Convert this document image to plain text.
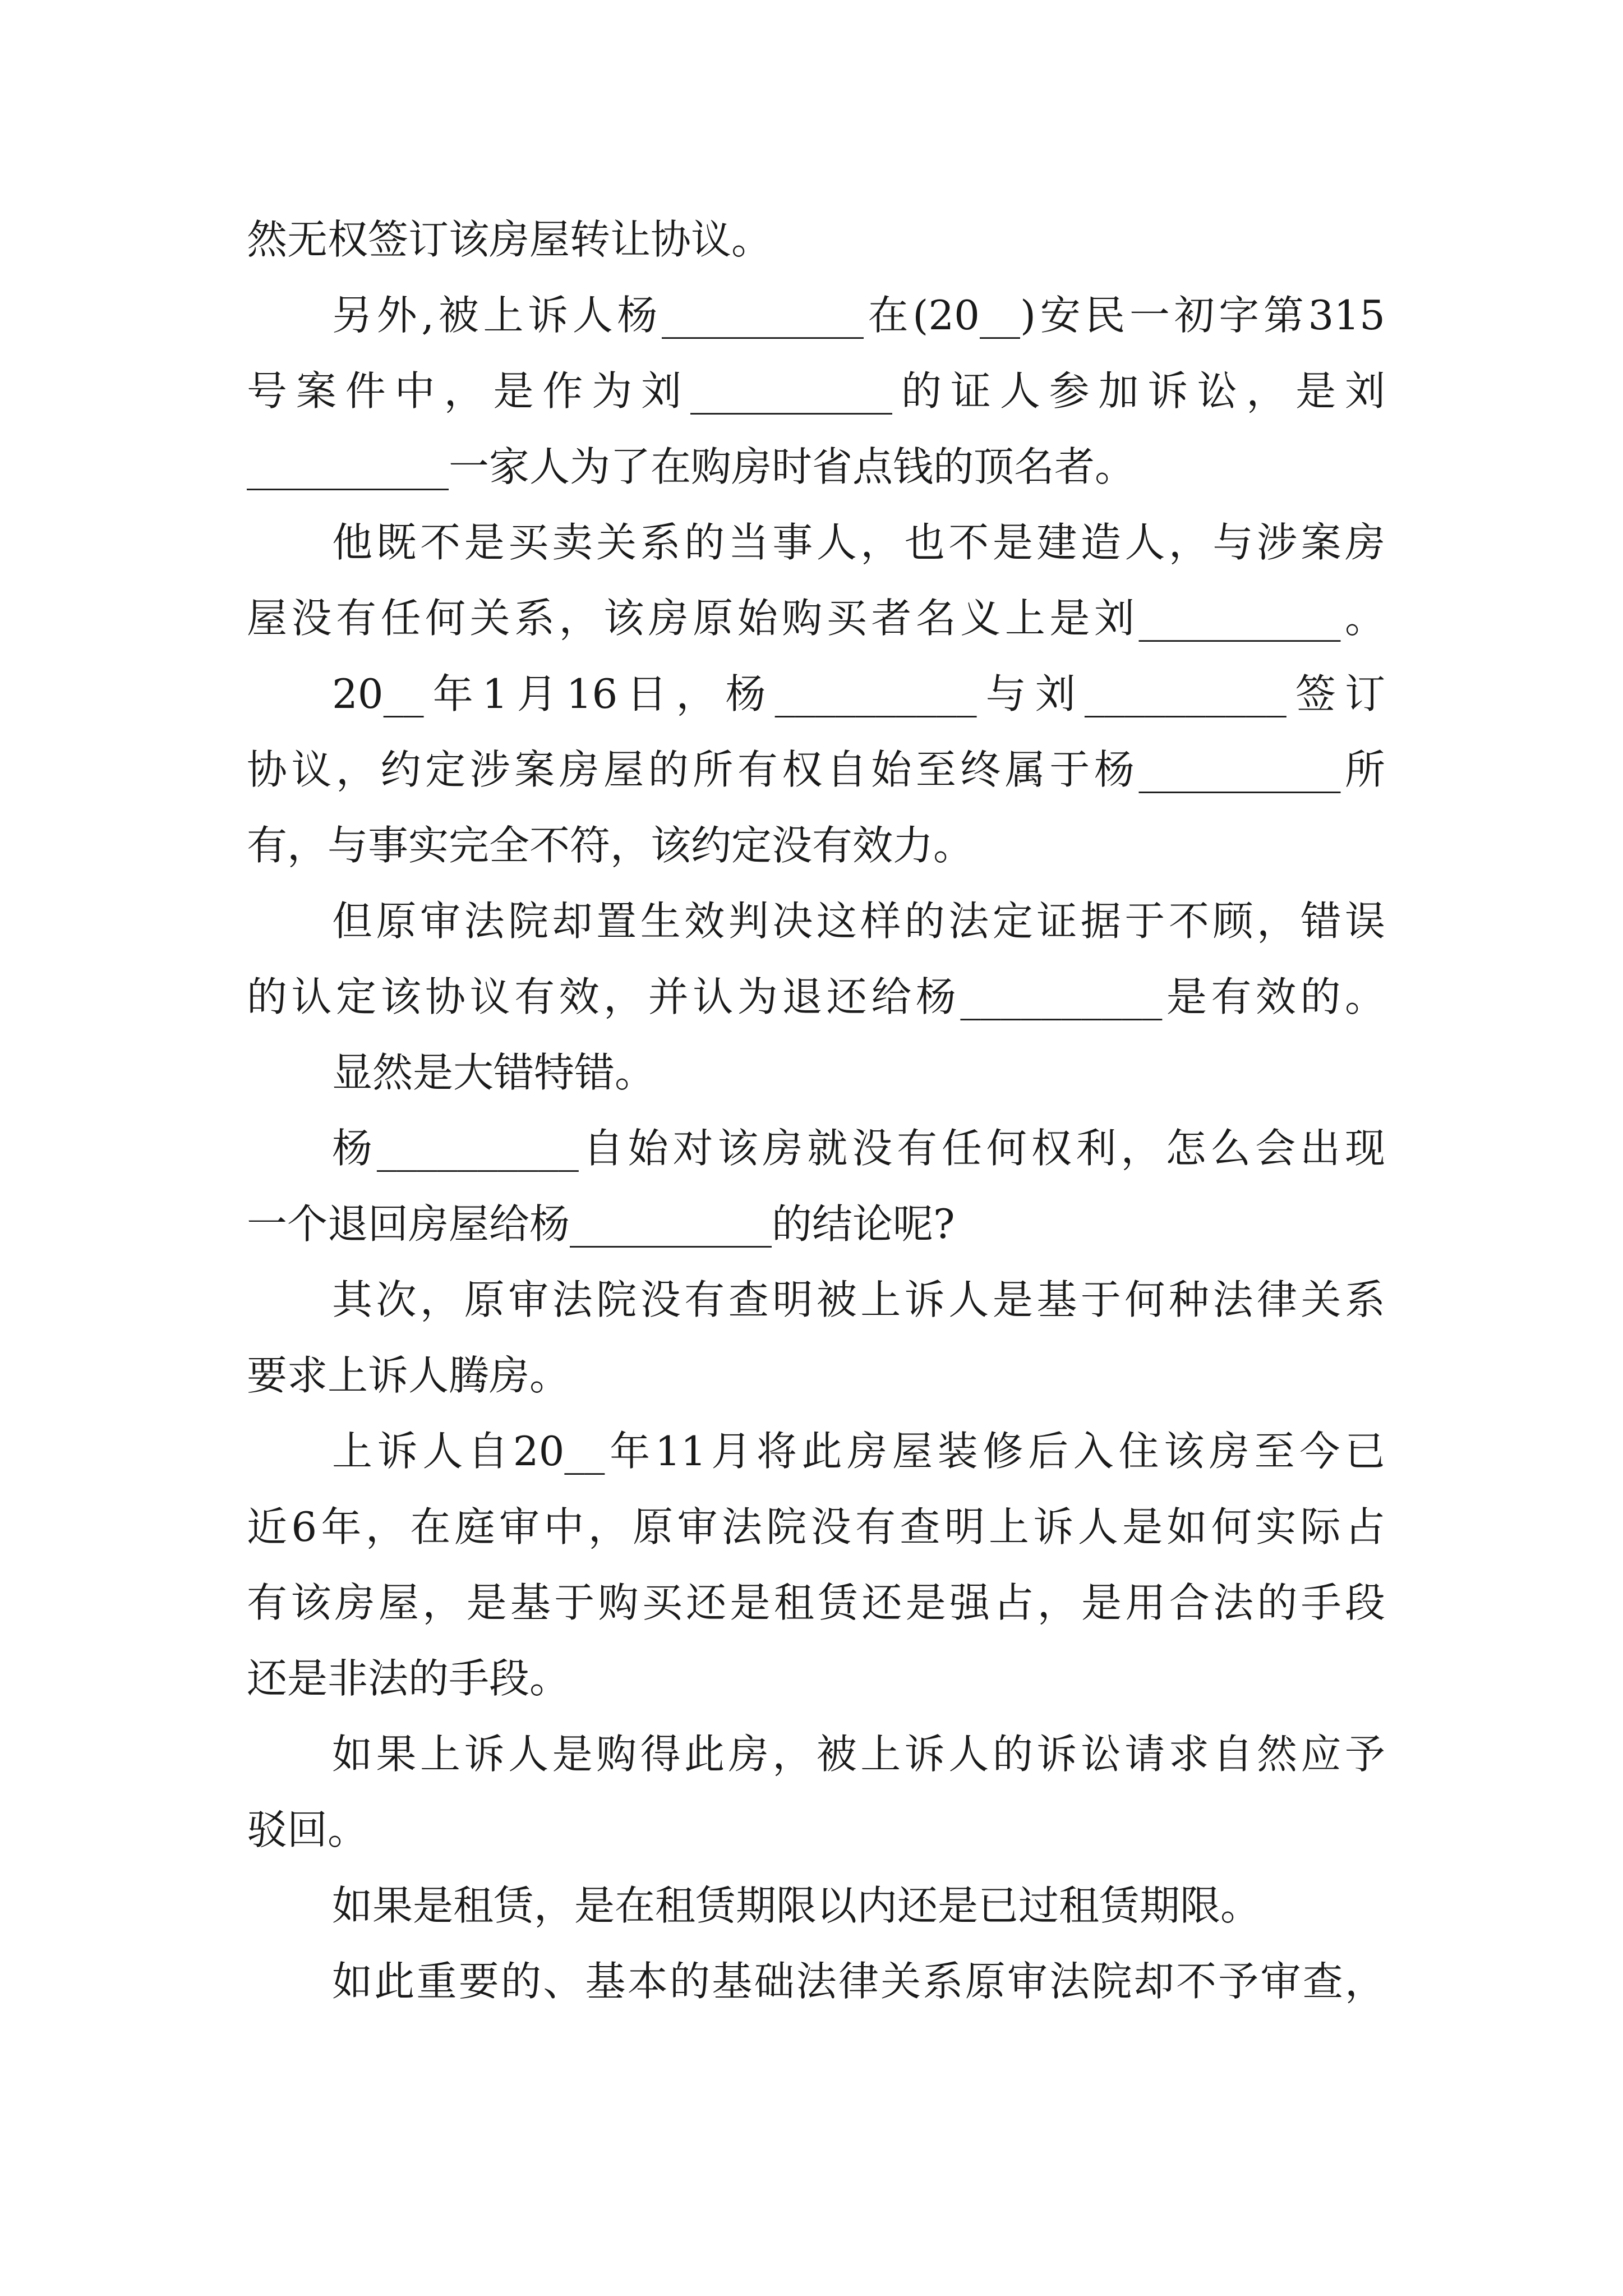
然无权签订该房屋转让协议。
另外,被上诉人杨__________在(20__)安民一初字第315
号案件中，是作为刘__________的证人参加诉讼，是刘
__________一家人为了在购房时省点钱的顶名者。
他既不是买卖关系的当事人，也不是建造人，与涉案房
屋没有任何关系，该房原始购买者名义上是刘__________。
20__年1月16日，杨__________与刘__________签订
协议，约定涉案房屋的所有权自始至终属于杨__________所
有，与事实完全不符，该约定没有效力。
但原审法院却置生效判决这样的法定证据于不顾，错误
的认定该协议有效，并认为退还给杨__________是有效的。
显然是大错特错。
杨__________自始对该房就没有任何权利，怎么会出现
一个退回房屋给杨__________的结论呢?
其次，原审法院没有查明被上诉人是基于何种法律关系
要求上诉人腾房。
上诉人自20__年11月将此房屋装修后入住该房至今已
近6年，在庭审中，原审法院没有查明上诉人是如何实际占
有该房屋，是基于购买还是租赁还是强占，是用合法的手段
还是非法的手段。
如果上诉人是购得此房，被上诉人的诉讼请求自然应予
驳回。
如果是租赁，是在租赁期限以内还是已过租赁期限。
如此重要的、基本的基础法律关系原审法院却不予审查，
